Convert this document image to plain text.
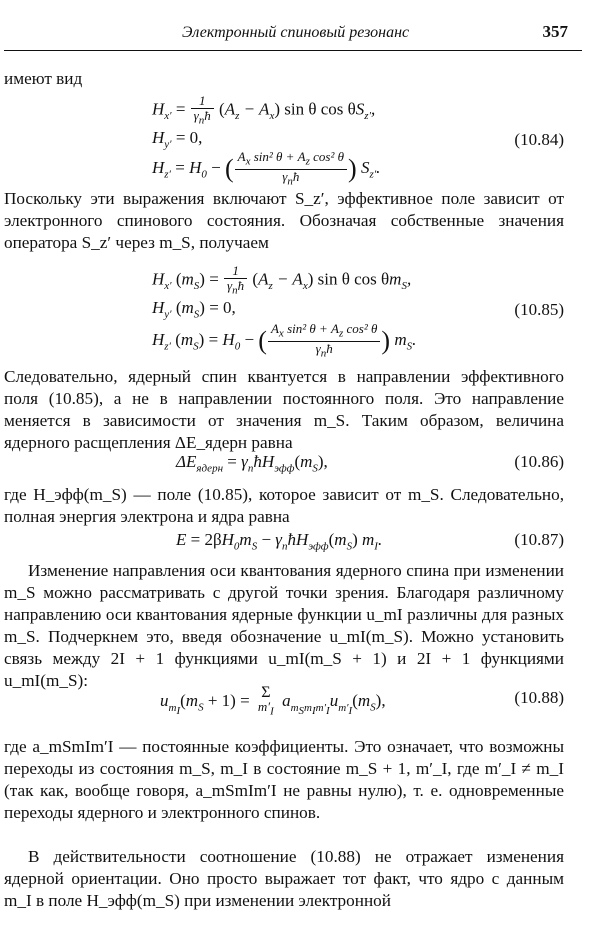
Электронный спиновый резонанс	357
имеют вид
$H_{x'} = \frac{1}{\gamma_nħ} (A_z - A_x)$ sin θ $\cos \theta S_{z'}$,
$H_{y'} = 0$,
$H_{z'} = H_0$ − ( $\frac{A_x \sin^2 \theta + A_z \cos^2 \theta}{\gamma_nħ}$ ) $S_{z'}$.
(10.84)
Поскольку эти выражения включают S_z′, эффективное поле зависит от электронного спинового состояния. Обозначая собственные значения оператора S_z′ через m_S, получаем
$H_{x'}$ $(m_S) = \frac{1}{\gamma_nħ} (A_z - A_x)$ sin θ $\cos \theta m_S$,
$H_{y'}$ $(m_S) = 0$,
$H_{z'}$ $(m_S) = H_0$ − ( $\frac{A_x \sin^2 \theta + A_z \cos^2 \theta}{\gamma_nħ}$ ) $m_S$.
(10.85)
Следовательно, ядерный спин квантуется в направлении эффективного поля (10.85), а не в направлении постоянного поля. Это направление меняется в зависимости от значения m_S. Таким образом, величина ядерного расщепления ΔE_ядерн равна
$\Delta E_{ядерн}$ = $\gamma_nħH_{эфф}(m_S)$,	(10.86)
где H_эфф(m_S) — поле (10.85), которое зависит от m_S. Следовательно, полная энергия электрона и ядра равна
$E = 2\beta H_0m_S$ − $\gamma_nħH_{эфф}(m_S)$ $m_I$.	(10.87)
Изменение направления оси квантования ядерного спина при изменении m_S можно рассматривать с другой точки зрения. Благодаря различному направлению оси квантования ядерные функции u_mI различны для разных m_S. Подчеркнем это, введя обозначение u_mI(m_S). Можно установить связь между 2I + 1 функциями u_mI(m_S + 1) и 2I + 1 функциями u_mI(m_S):
$u_{m_I}(m_S + 1) = \Sigma$
$m'_I$
$a_{m_Sm_Im'_I}u_{m'_I}(m_S)$,	(10.88)
где a_mSmIm′I — постоянные коэффициенты. Это означает, что возможны переходы из состояния m_S, m_I в состояние m_S + 1, m′_I, где m′_I ≠ m_I (так как, вообще говоря, a_mSmIm′I не равны нулю), т. е. одновременные переходы ядерного и электронного спинов.
В действительности соотношение (10.88) не отражает изменения ядерной ориентации. Оно просто выражает тот факт, что ядро с данным m_I в поле H_эфф(m_S) при изменении электронной
